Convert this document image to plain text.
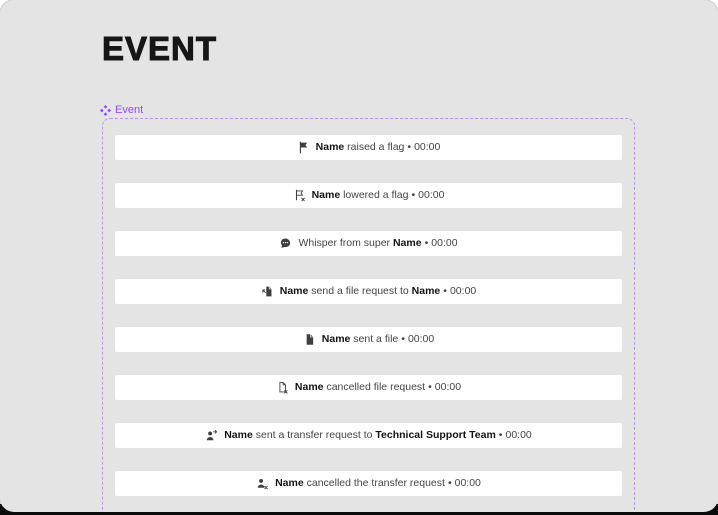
EVENT
Event
Name raised a flag • 00:00
Name lowered a flag • 00:00
Whisper from super Name • 00:00
Name send a file request to Name • 00:00
Name sent a file • 00:00
Name cancelled file request • 00:00
Name sent a transfer request to Technical Support Team • 00:00
Name cancelled the transfer request • 00:00
